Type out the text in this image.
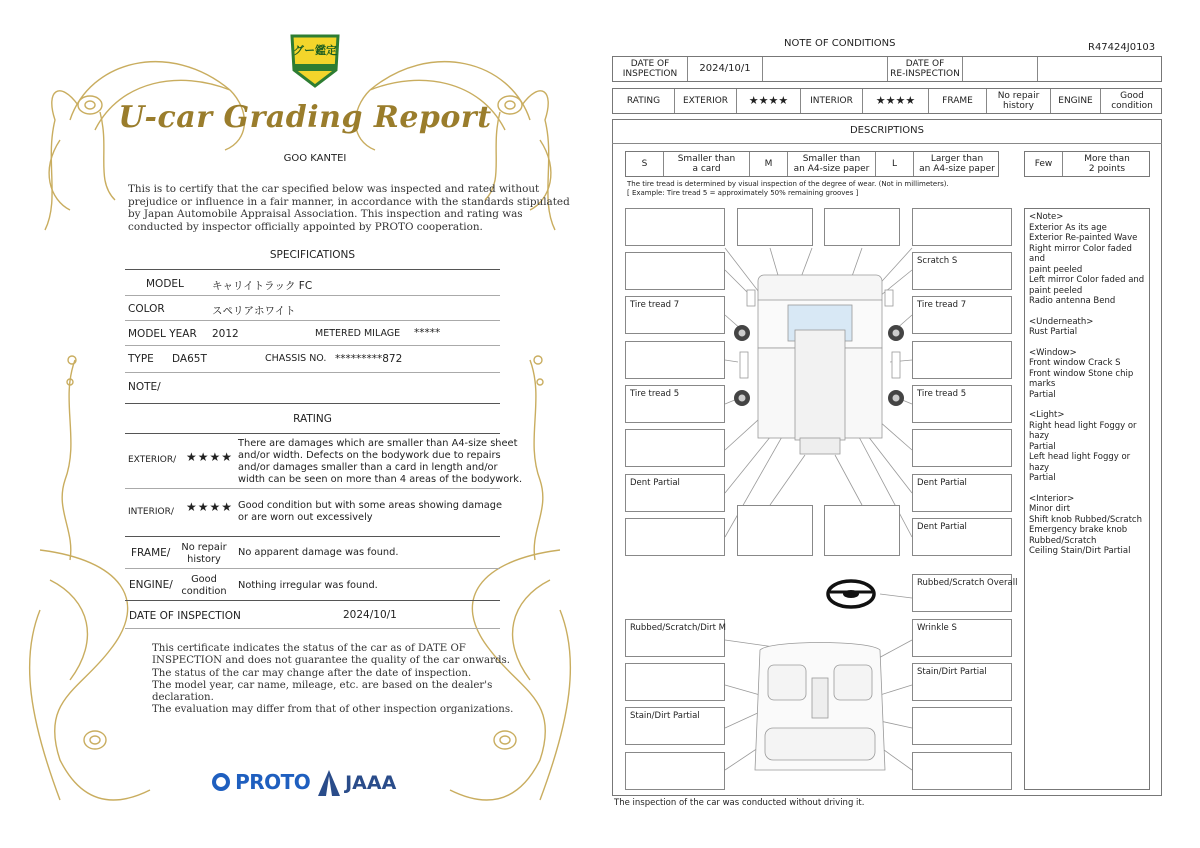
グー鑑定
U-car Grading Report
GOO KANTEI
This is to certify that the car specified below was inspected and rated without
prejudice or influence in a fair manner, in accordance with the standards stipulated
by Japan Automobile Appraisal Association. This inspection and rating was
conducted by inspector officially appointed by PROTO cooperation.
SPECIFICATIONS
MODEL	キャリイトラック FC
COLOR	スペリアホワイト
MODEL YEAR 2012	METERED MILAGE *****
TYPE DA65T	CHASSIS NO. *********872
NOTE/
RATING
EXTERIOR/ ★★★★
There are damages which are smaller than A4-size sheet
and/or width. Defects on the bodywork due to repairs
and/or damages smaller than a card in length and/or
width can be seen on more than 4 areas of the bodywork.
INTERIOR/ ★★★★ Good condition but with some areas showing damage
or are worn out excessively
FRAME/	No repair
history
No apparent damage was found.
ENGINE/	Good
condition
Nothing irregular was found.
DATE OF INSPECTION	2024/10/1
This certificate indicates the status of the car as of DATE OF
INSPECTION and does not guarantee the quality of the car onwards.
The status of the car may change after the date of inspection.
The model year, car name, mileage, etc. are based on the dealer's
declaration.
The evaluation may differ from that of other inspection organizations.
PROTO	JAAA
NOTE OF CONDITIONS	R47424J0103
DATE OF
INSPECTION	2024/10/1	DATE OF
RE-INSPECTION
RATING	EXTERIOR	★★★★	INTERIOR	★★★★	FRAME	No repair
history	ENGINE	Good
condition
DESCRIPTIONS
S	Smaller than
a card	M	Smaller than
an A4-size paper	L	Larger than
an A4-size paper	Few	More than
2 points
The tire tread is determined by visual inspection of the degree of wear. (Not in millimeters).
[ Example: Tire tread 5 = approximately 50% remaining grooves ]
Scratch S
Tire tread 7	Tire tread 7
Tire tread 5	Tire tread 5
Dent Partial	Dent Partial
Dent Partial
Rubbed/Scratch Overall
Rubbed/Scratch/Dirt M	Wrinkle S
Stain/Dirt Partial
Stain/Dirt Partial
<Note>
Exterior As its age
Exterior Re-painted Wave
Right mirror Color faded and
paint peeled
Left mirror Color faded and
paint peeled
Radio antenna Bend
<Underneath>
Rust Partial
<Window>
Front window Crack S
Front window Stone chip marks
Partial
<Light>
Right head light Foggy or hazy
Partial
Left head light Foggy or hazy
Partial
<Interior>
Minor dirt
Shift knob Rubbed/Scratch
Emergency brake knob
Rubbed/Scratch
Ceiling Stain/Dirt Partial
The inspection of the car was conducted without driving it.
